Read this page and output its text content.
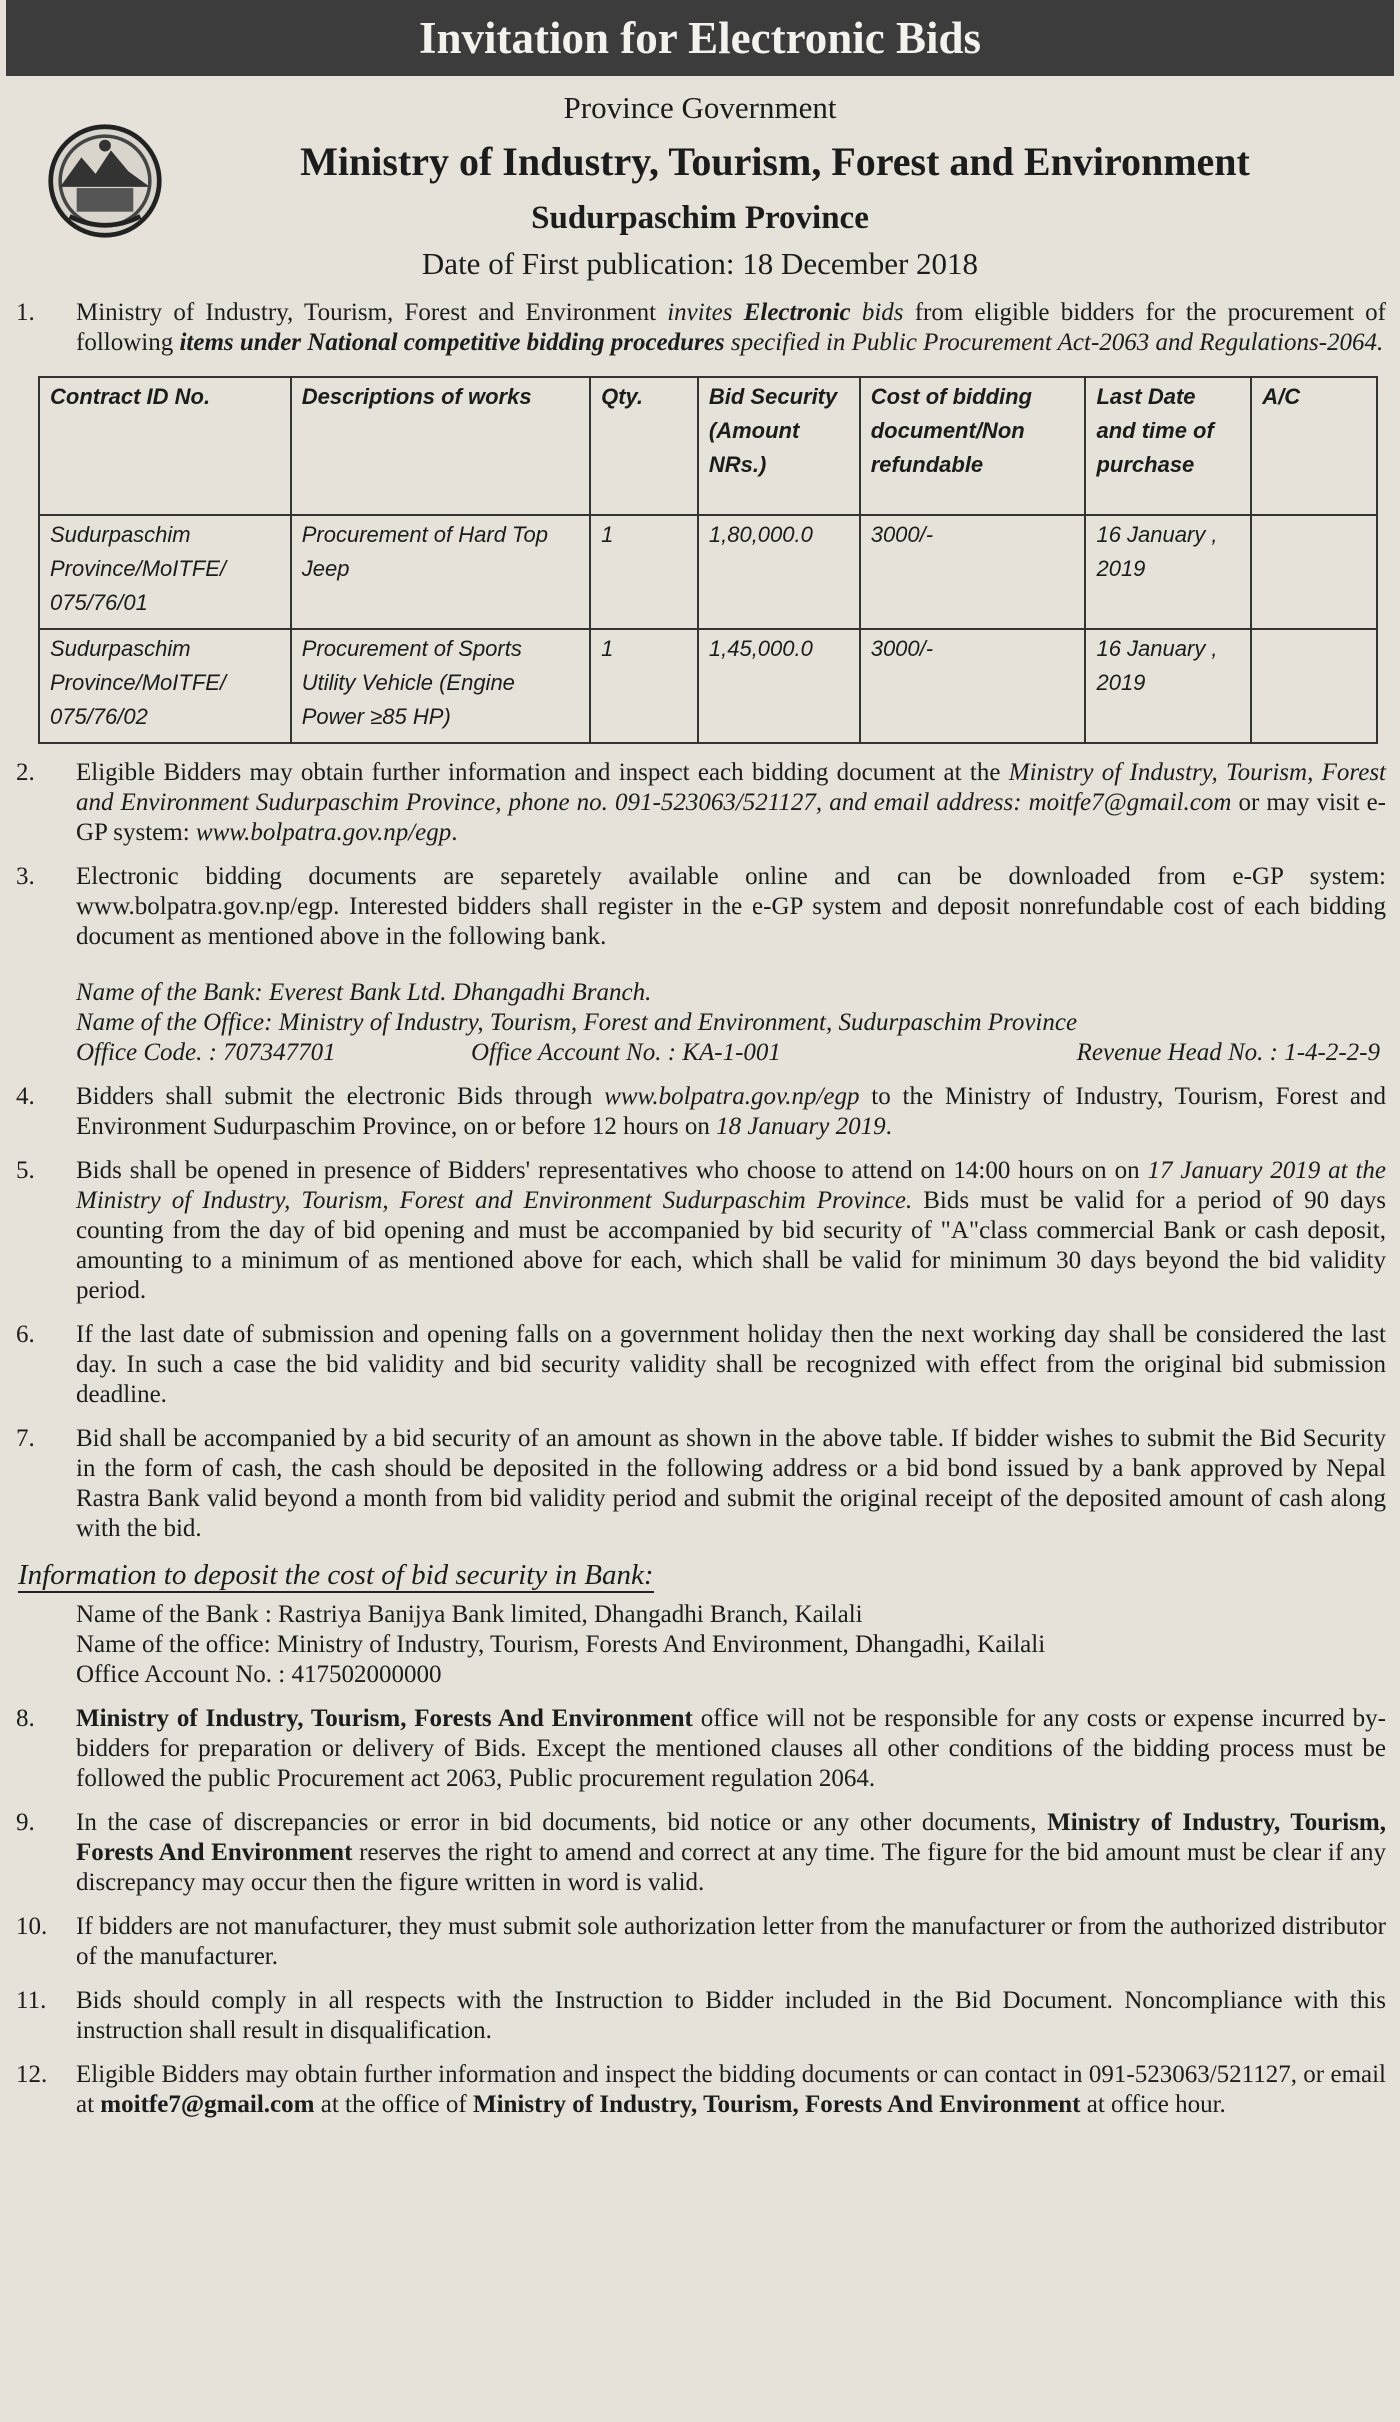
Invitation for Electronic Bids
Province Government
Ministry of Industry, Tourism, Forest and Environment
Sudurpaschim Province
Date of First publication: 18 December 2018
1. Ministry of Industry, Tourism, Forest and Environment invites Electronic bids from eligible bidders for the procurement of following items under National competitive bidding procedures specified in Public Procurement Act-2063 and Regulations-2064.
Contract ID No.	Descriptions of works	Qty.	Bid Security (Amount NRs.)	Cost of bidding document/Non refundable	Last Date and time of purchase	A/C
Sudurpaschim Province/MoITFE/ 075/76/01	Procurement of Hard Top Jeep	1	1,80,000.0	3000/-	16 January , 2019	
Sudurpaschim Province/MoITFE/ 075/76/02	Procurement of Sports Utility Vehicle (Engine Power ≥85 HP)	1	1,45,000.0	3000/-	16 January , 2019	
2. Eligible Bidders may obtain further information and inspect each bidding document at the Ministry of Industry, Tourism, Forest and Environment Sudurpaschim Province, phone no. 091-523063/521127, and email address: moitfe7@gmail.com or may visit e-GP system: www.bolpatra.gov.np/egp.
3. Electronic bidding documents are separetely available online and can be downloaded from e-GP system: www.bolpatra.gov.np/egp. Interested bidders shall register in the e-GP system and deposit nonrefundable cost of each bidding document as mentioned above in the following bank.
Name of the Bank: Everest Bank Ltd. Dhangadhi Branch.
Name of the Office: Ministry of Industry, Tourism, Forest and Environment, Sudurpaschim Province
Office Code. : 707347701	Office Account No. : KA-1-001	Revenue Head No. : 1-4-2-2-9
4. Bidders shall submit the electronic Bids through www.bolpatra.gov.np/egp to the Ministry of Industry, Tourism, Forest and Environment Sudurpaschim Province, on or before 12 hours on 18 January 2019.
5. Bids shall be opened in presence of Bidders' representatives who choose to attend on 14:00 hours on on 17 January 2019 at the Ministry of Industry, Tourism, Forest and Environment Sudurpaschim Province. Bids must be valid for a period of 90 days counting from the day of bid opening and must be accompanied by bid security of "A"class commercial Bank or cash deposit, amounting to a minimum of as mentioned above for each, which shall be valid for minimum 30 days beyond the bid validity period.
6. If the last date of submission and opening falls on a government holiday then the next working day shall be considered the last day. In such a case the bid validity and bid security validity shall be recognized with effect from the original bid submission deadline.
7. Bid shall be accompanied by a bid security of an amount as shown in the above table. If bidder wishes to submit the Bid Security in the form of cash, the cash should be deposited in the following address or a bid bond issued by a bank approved by Nepal Rastra Bank valid beyond a month from bid validity period and submit the original receipt of the deposited amount of cash along with the bid.
Information to deposit the cost of bid security in Bank:
Name of the Bank : Rastriya Banijya Bank limited, Dhangadhi Branch, Kailali
Name of the office: Ministry of Industry, Tourism, Forests And Environment, Dhangadhi, Kailali
Office Account No. : 417502000000
8. Ministry of Industry, Tourism, Forests And Environment office will not be responsible for any costs or expense incurred by-bidders for preparation or delivery of Bids. Except the mentioned clauses all other conditions of the bidding process must be followed the public Procurement act 2063, Public procurement regulation 2064.
9. In the case of discrepancies or error in bid documents, bid notice or any other documents, Ministry of Industry, Tourism, Forests And Environment reserves the right to amend and correct at any time. The figure for the bid amount must be clear if any discrepancy may occur then the figure written in word is valid.
10. If bidders are not manufacturer, they must submit sole authorization letter from the manufacturer or from the authorized distributor of the manufacturer.
11. Bids should comply in all respects with the Instruction to Bidder included in the Bid Document. Noncompliance with this instruction shall result in disqualification.
12. Eligible Bidders may obtain further information and inspect the bidding documents or can contact in 091-523063/521127, or email at moitfe7@gmail.com at the office of Ministry of Industry, Tourism, Forests And Environment at office hour.
